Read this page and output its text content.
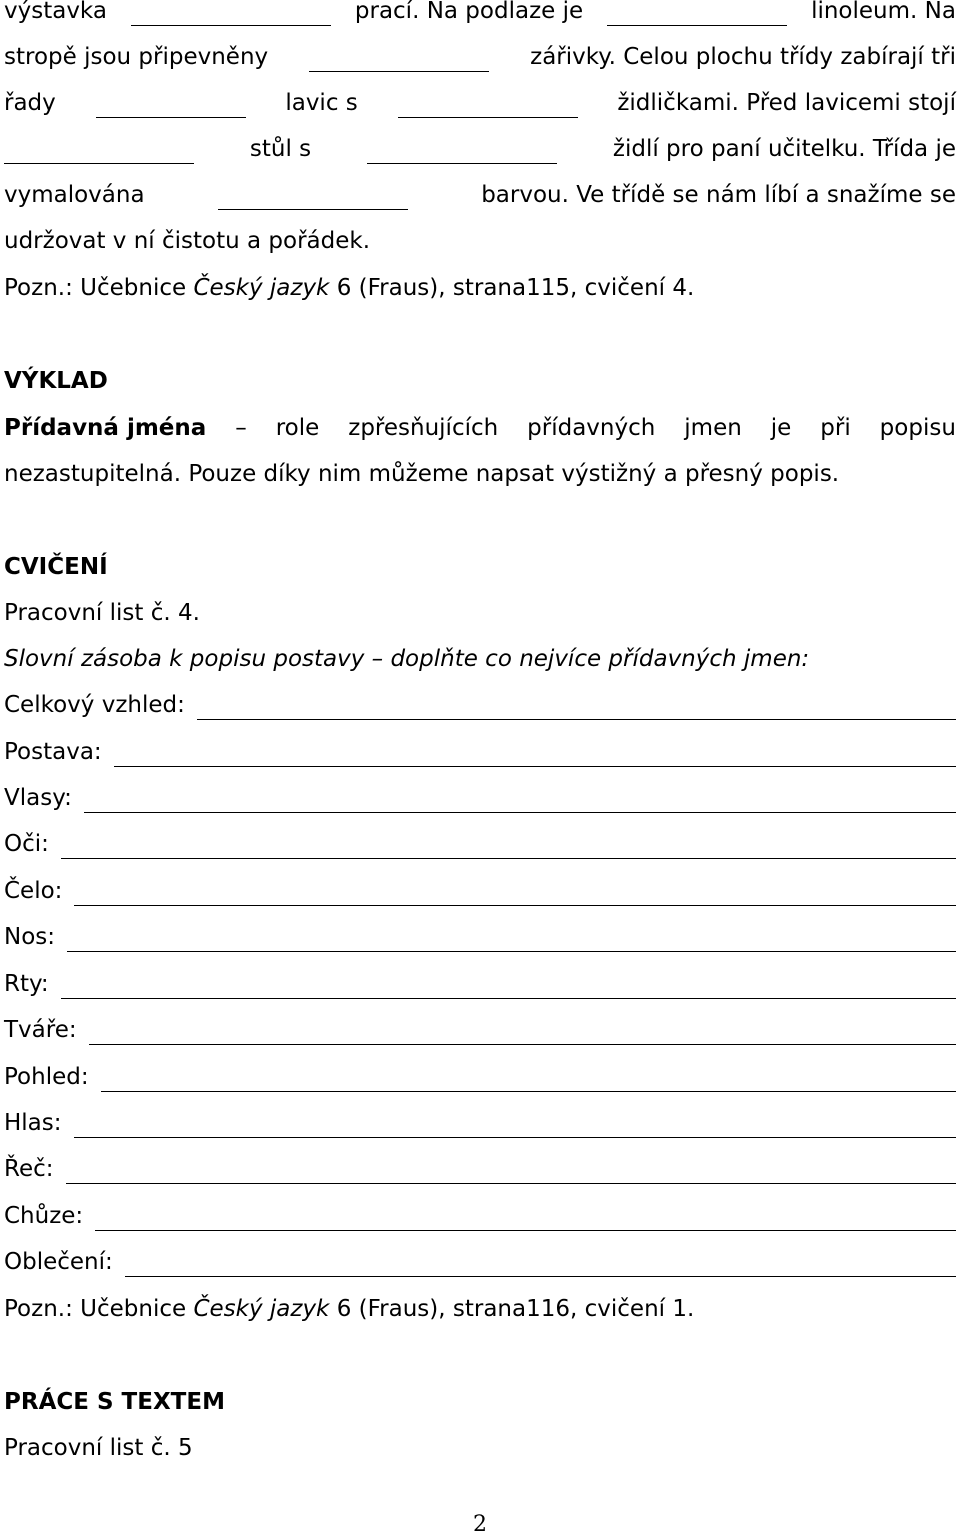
výstavka	prací. Na podlaze je	linoleum. Na
stropě jsou připevněny	zářivky. Celou plochu třídy zabírají tři
řady	lavic s	židličkami. Před lavicemi stojí
stůl s	židlí pro paní učitelku. Třída je
vymalována	barvou. Ve třídě se nám líbí a snažíme se
udržovat v ní čistotu a pořádek.
Pozn.: Učebnice Český jazyk 6 (Fraus), strana115, cvičení 4.
VÝKLAD
Přídavná jména – role zpřesňujících přídavných jmen je při popisu
nezastupitelná. Pouze díky nim můžeme napsat výstižný a přesný popis.
CVIČENÍ
Pracovní list č. 4.
Slovní zásoba k popisu postavy – doplňte co nejvíce přídavných jmen:
Celkový vzhled:
Postava:
Vlasy:
Oči:
Čelo:
Nos:
Rty:
Tváře:
Pohled:
Hlas:
Řeč:
Chůze:
Oblečení:
Pozn.: Učebnice Český jazyk 6 (Fraus), strana116, cvičení 1.
PRÁCE S TEXTEM
Pracovní list č. 5
2
